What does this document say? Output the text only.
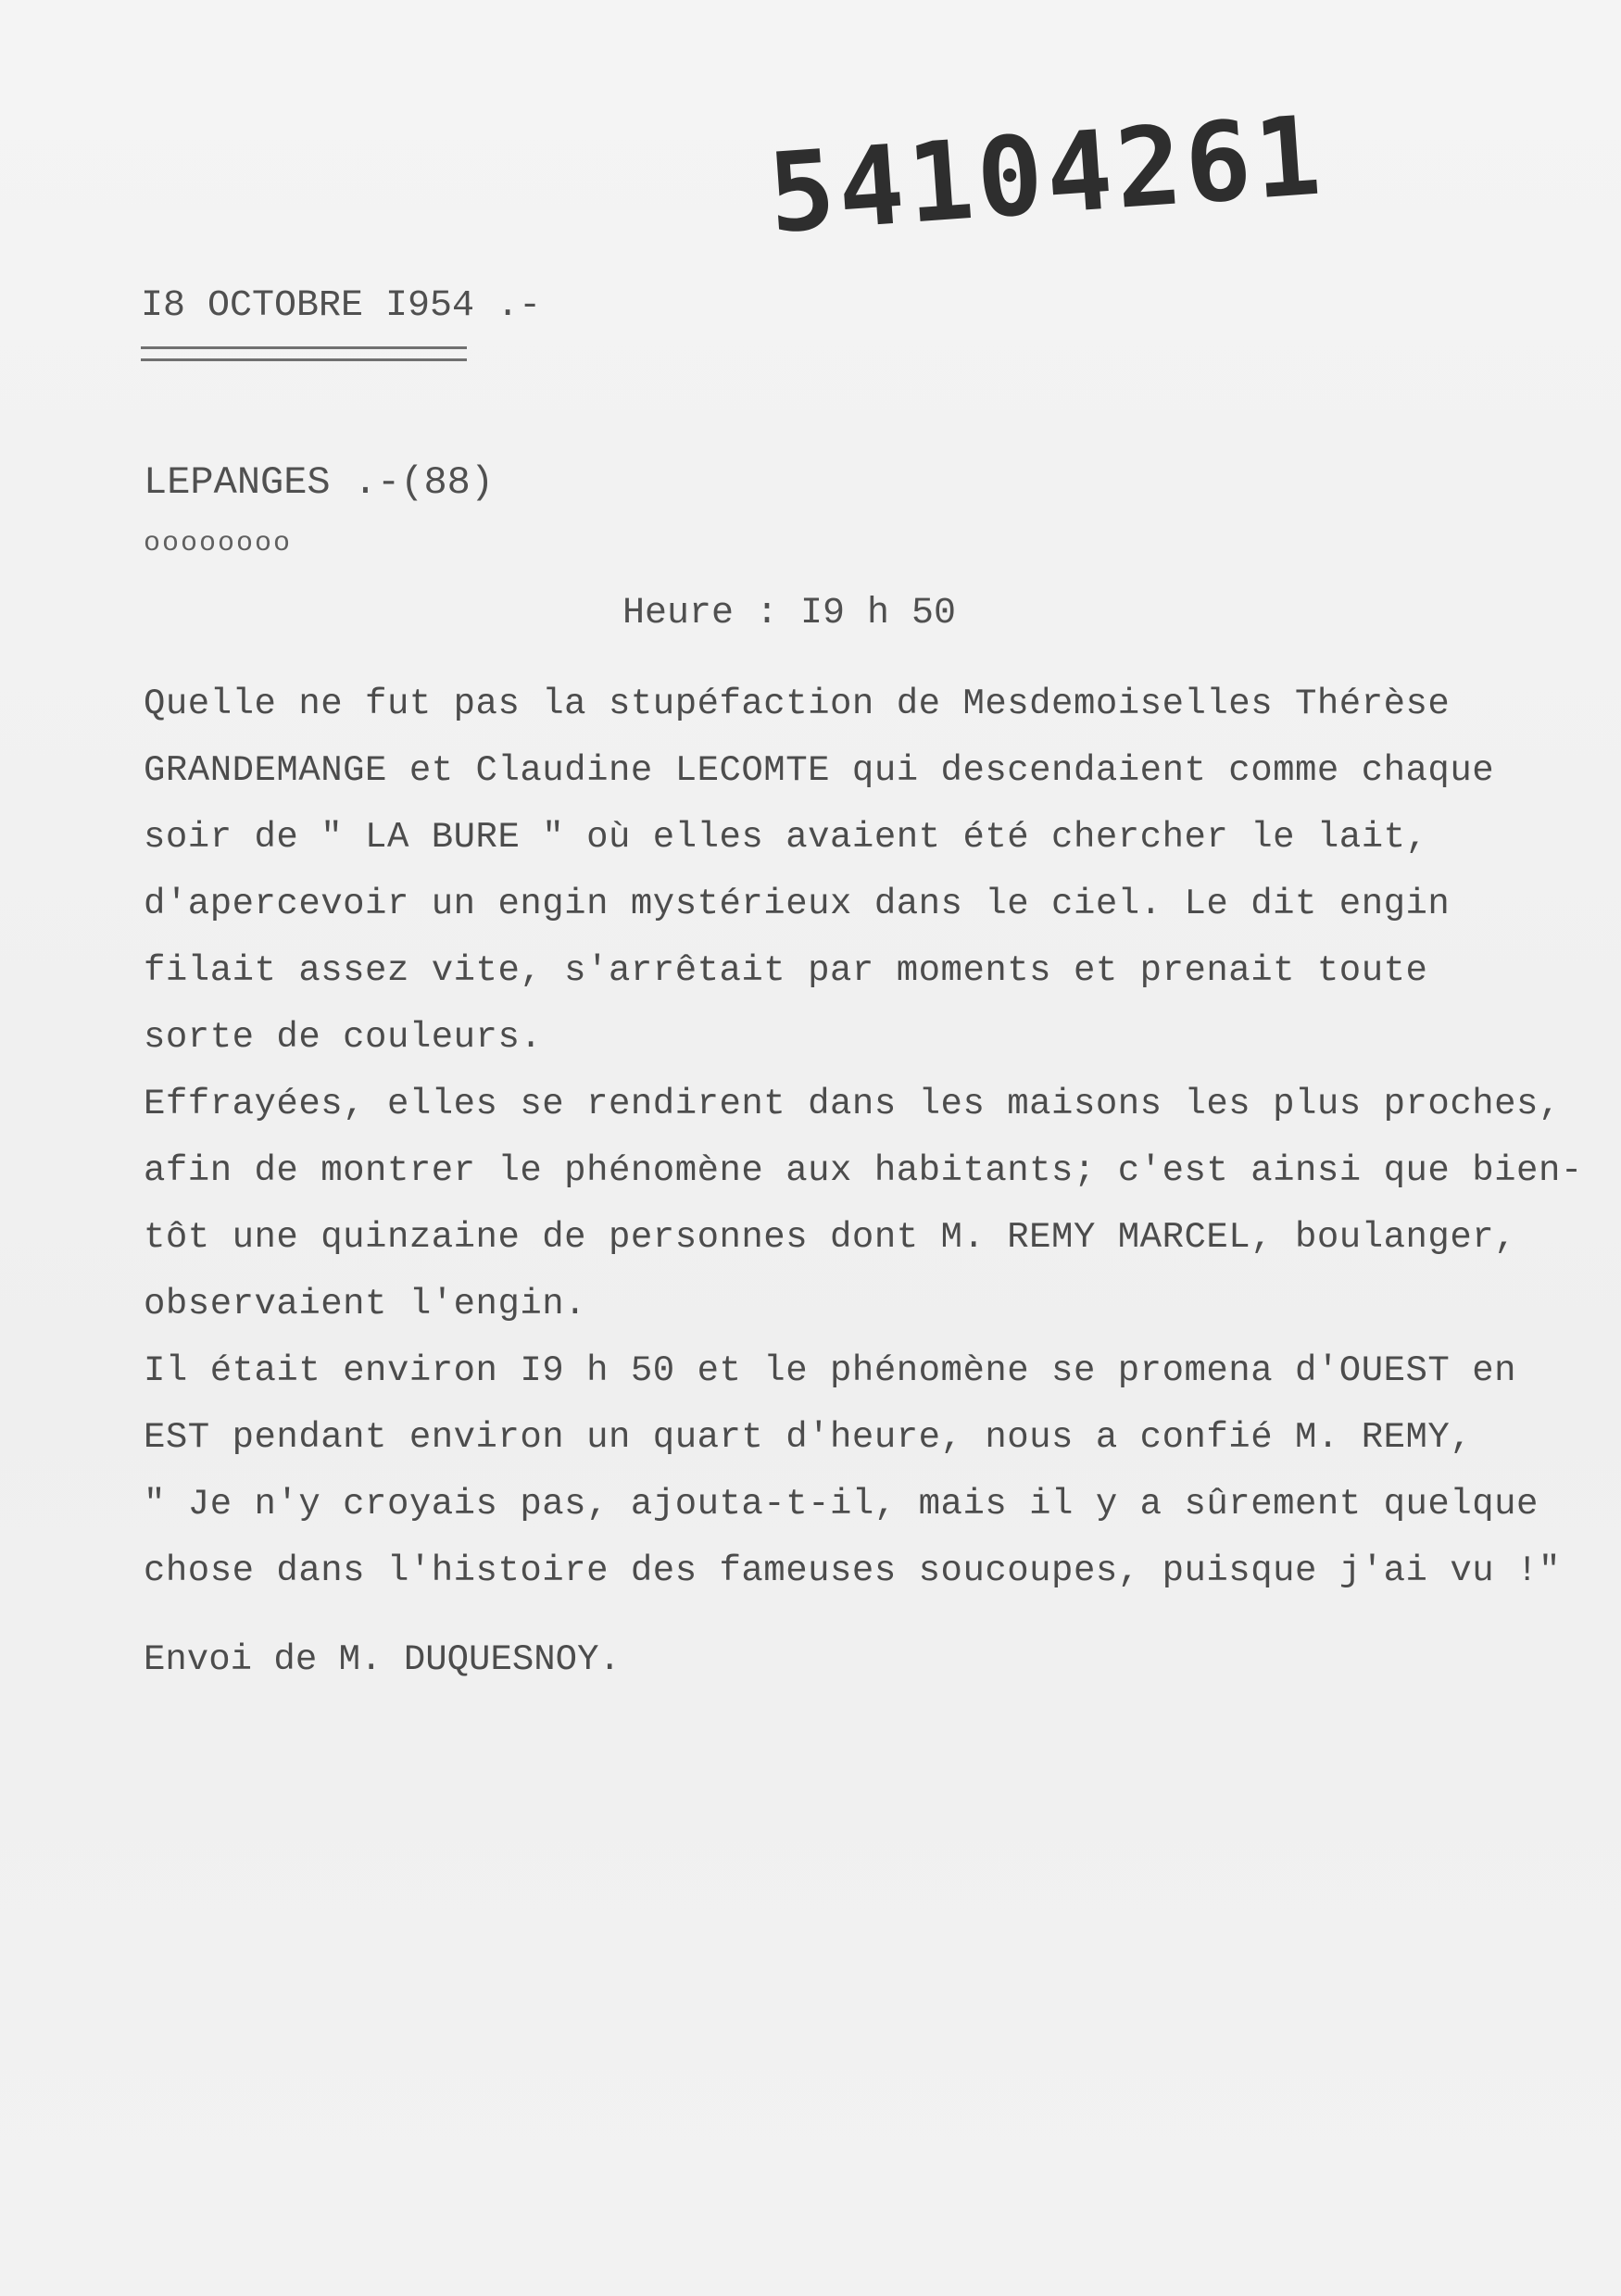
54104261
I8 OCTOBRE I954 .-
LEPANGES .-(88)
oooooooo
Heure : I9 h 50
Quelle ne fut pas la stupéfaction de Mesdemoiselles Thérèse
GRANDEMANGE et Claudine LECOMTE qui descendaient comme chaque
soir de " LA BURE " où elles avaient été chercher le lait,
d'apercevoir un engin mystérieux dans le ciel. Le dit engin
filait assez vite, s'arrêtait par moments et prenait toute
sorte de couleurs.
Effrayées, elles se rendirent dans les maisons les plus proches,
afin de montrer le phénomène aux habitants; c'est ainsi que bien-
tôt une quinzaine de personnes dont M. REMY MARCEL, boulanger,
observaient l'engin.
Il était environ I9 h 50 et le phénomène se promena d'OUEST en
EST pendant environ un quart d'heure, nous a confié M. REMY,
" Je n'y croyais pas, ajouta-t-il, mais il y a sûrement quelque
chose dans l'histoire des fameuses soucoupes, puisque j'ai vu !"
Envoi de M. DUQUESNOY.
